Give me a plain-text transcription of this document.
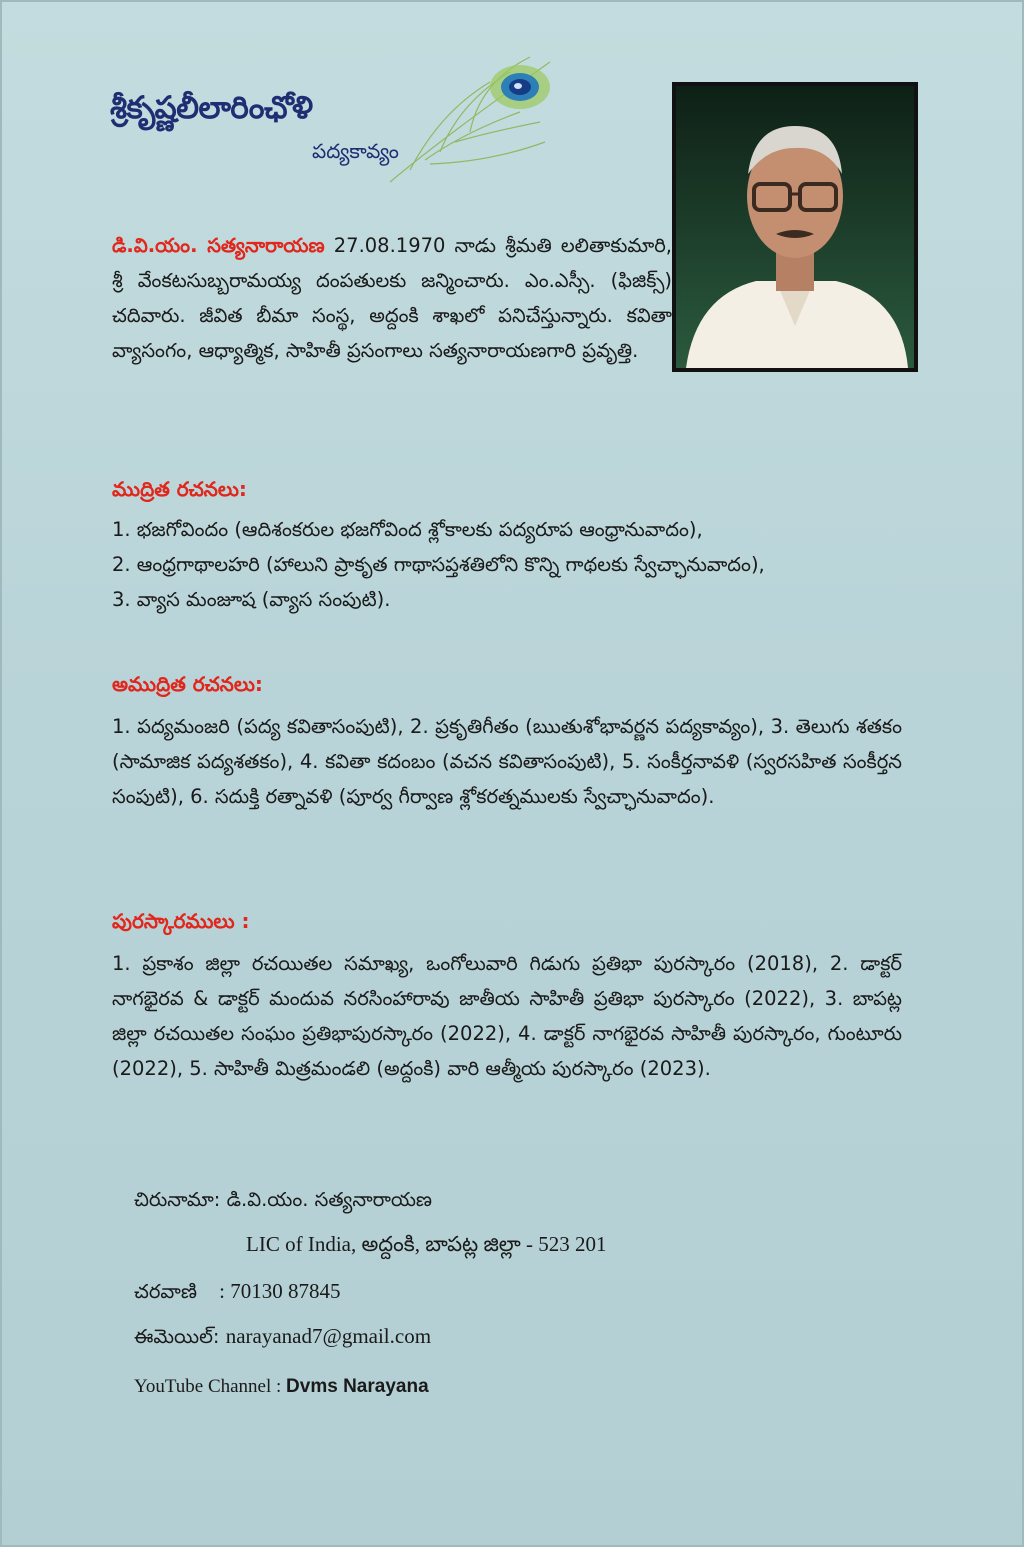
శ్రీకృష్ణలీలారింఛోళి
పద్యకావ్యం
డి.వి.యం. సత్యనారాయణ 27.08.1970 నాడు శ్రీమతి లలితాకుమారి, శ్రీ వేంకటసుబ్బరామయ్య దంపతులకు జన్మించారు. ఎం.ఎస్సీ. (ఫిజిక్స్) చదివారు. జీవిత బీమా సంస్థ, అద్దంకి శాఖలో పనిచేస్తున్నారు. కవితా వ్యాసంగం, ఆధ్యాత్మిక, సాహితీ ప్రసంగాలు సత్యనారాయణగారి ప్రవృత్తి.
ముద్రిత రచనలు:
1. భజగోవిందం (ఆదిశంకరుల భజగోవింద శ్లోకాలకు పద్యరూప ఆంధ్రానువాదం),
2. ఆంధ్రగాథాలహరి (హాలుని ప్రాకృత గాథాసప్తశతిలోని కొన్ని గాథలకు స్వేచ్ఛానువాదం),
3. వ్యాస మంజూష (వ్యాస సంపుటి).
అముద్రిత రచనలు:
1. పద్యమంజరి (పద్య కవితాసంపుటి), 2. ప్రకృతిగీతం (ఋతుశోభావర్ణన పద్యకావ్యం), 3. తెలుగు శతకం (సామాజిక పద్యశతకం), 4. కవితా కదంబం (వచన కవితాసంపుటి), 5. సంకీర్తనావళి (స్వరసహిత సంకీర్తన సంపుటి), 6. సదుక్తి రత్నావళి (పూర్వ గీర్వాణ శ్లోకరత్నములకు స్వేచ్ఛానువాదం).
పురస్కారములు :
1. ప్రకాశం జిల్లా రచయితల సమాఖ్య, ఒంగోలువారి గిడుగు ప్రతిభా పురస్కారం (2018), 2. డాక్టర్ నాగభైరవ & డాక్టర్ మందువ నరసింహారావు జాతీయ సాహితీ ప్రతిభా పురస్కారం (2022), 3. బాపట్ల జిల్లా రచయితల సంఘం ప్రతిభాపురస్కారం (2022), 4. డాక్టర్ నాగభైరవ సాహితీ పురస్కారం, గుంటూరు (2022), 5. సాహితీ మిత్రమండలి (అద్దంకి) వారి ఆత్మీయ పురస్కారం (2023).
చిరునామా: డి.వి.యం. సత్యనారాయణ
LIC of India, అద్దంకి, బాపట్ల జిల్లా - 523 201
చరవాణి : 70130 87845
ఈమెయిల్: narayanad7@gmail.com
YouTube Channel : Dvms Narayana
